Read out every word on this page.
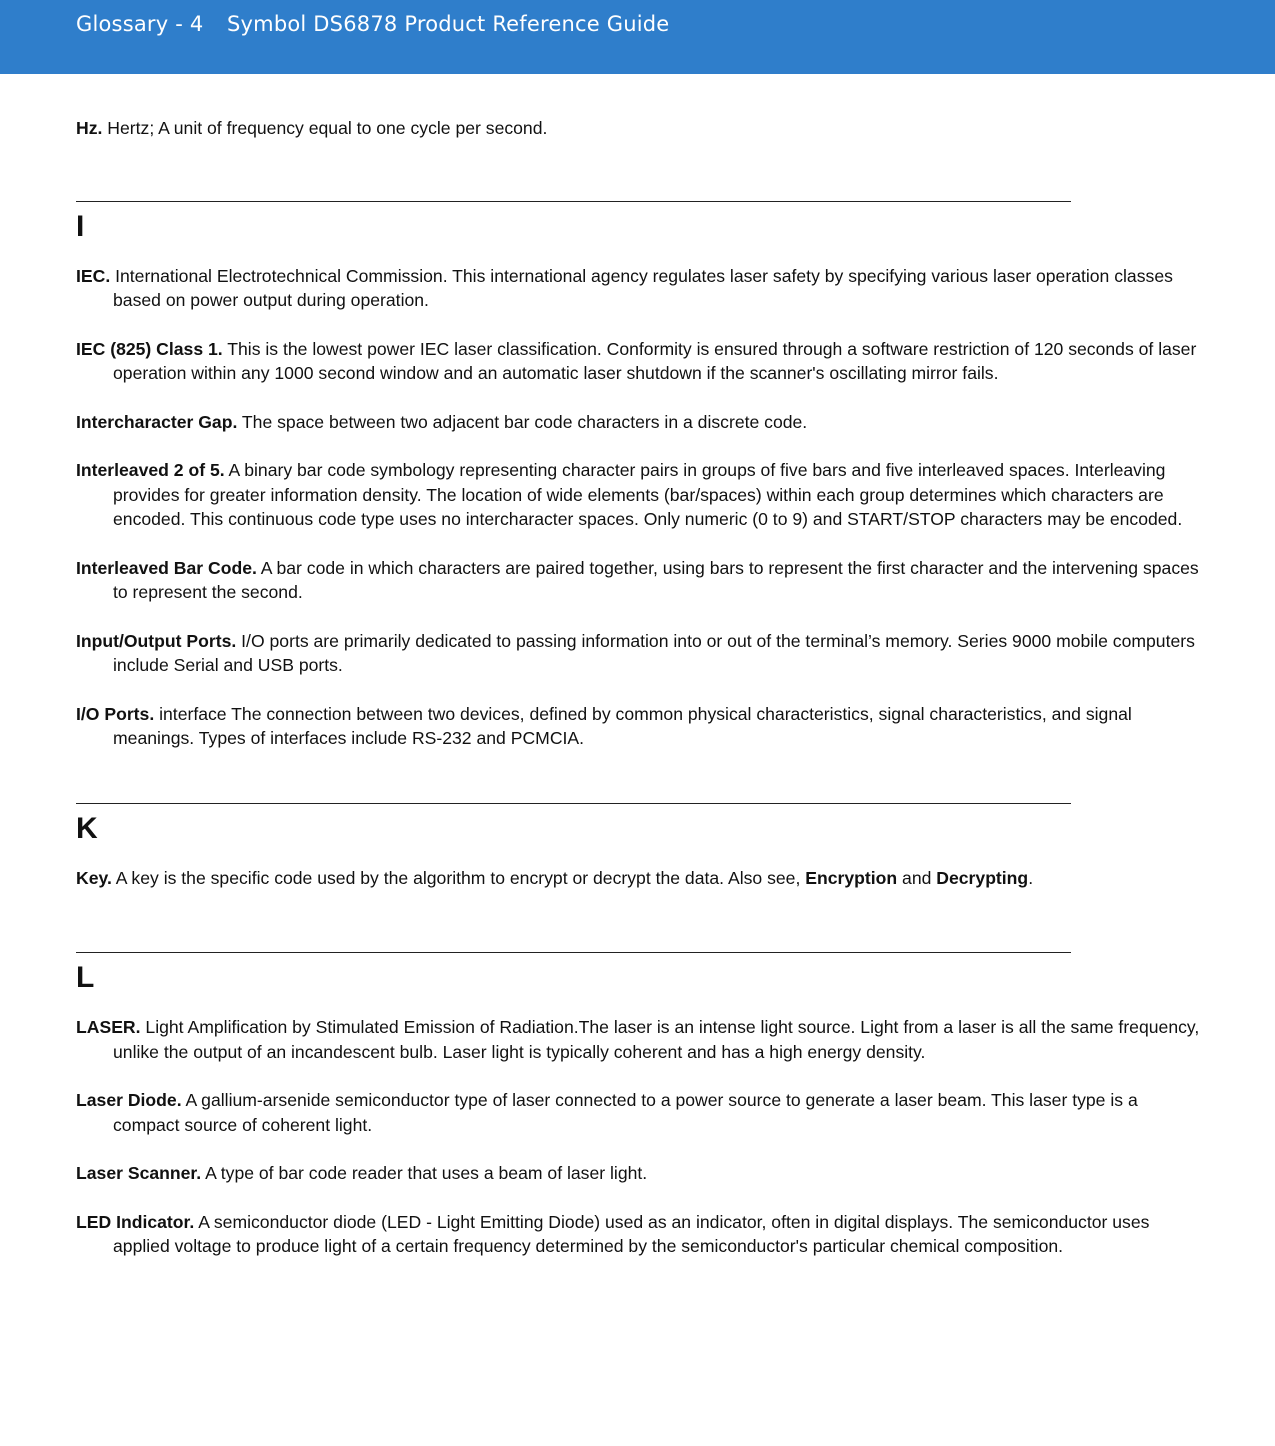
Glossary - 4 Symbol DS6878 Product Reference Guide

Hz. Hertz; A unit of frequency equal to one cycle per second.

I

IEC. International Electrotechnical Commission. This international agency regulates laser safety by specifying various laser operation classes based on power output during operation.

IEC (825) Class 1. This is the lowest power IEC laser classification. Conformity is ensured through a software restriction of 120 seconds of laser operation within any 1000 second window and an automatic laser shutdown if the scanner's oscillating mirror fails.

Intercharacter Gap. The space between two adjacent bar code characters in a discrete code.

Interleaved 2 of 5. A binary bar code symbology representing character pairs in groups of five bars and five interleaved spaces. Interleaving provides for greater information density. The location of wide elements (bar/spaces) within each group determines which characters are encoded. This continuous code type uses no intercharacter spaces. Only numeric (0 to 9) and START/STOP characters may be encoded.

Interleaved Bar Code. A bar code in which characters are paired together, using bars to represent the first character and the intervening spaces to represent the second.

Input/Output Ports. I/O ports are primarily dedicated to passing information into or out of the terminal’s memory. Series 9000 mobile computers include Serial and USB ports.

I/O Ports. interface The connection between two devices, defined by common physical characteristics, signal characteristics, and signal meanings. Types of interfaces include RS-232 and PCMCIA.

K

Key. A key is the specific code used by the algorithm to encrypt or decrypt the data. Also see, Encryption and Decrypting.

L

LASER. Light Amplification by Stimulated Emission of Radiation.The laser is an intense light source. Light from a laser is all the same frequency, unlike the output of an incandescent bulb. Laser light is typically coherent and has a high energy density.

Laser Diode. A gallium-arsenide semiconductor type of laser connected to a power source to generate a laser beam. This laser type is a compact source of coherent light.

Laser Scanner. A type of bar code reader that uses a beam of laser light.

LED Indicator. A semiconductor diode (LED - Light Emitting Diode) used as an indicator, often in digital displays. The semiconductor uses applied voltage to produce light of a certain frequency determined by the semiconductor's particular chemical composition.
